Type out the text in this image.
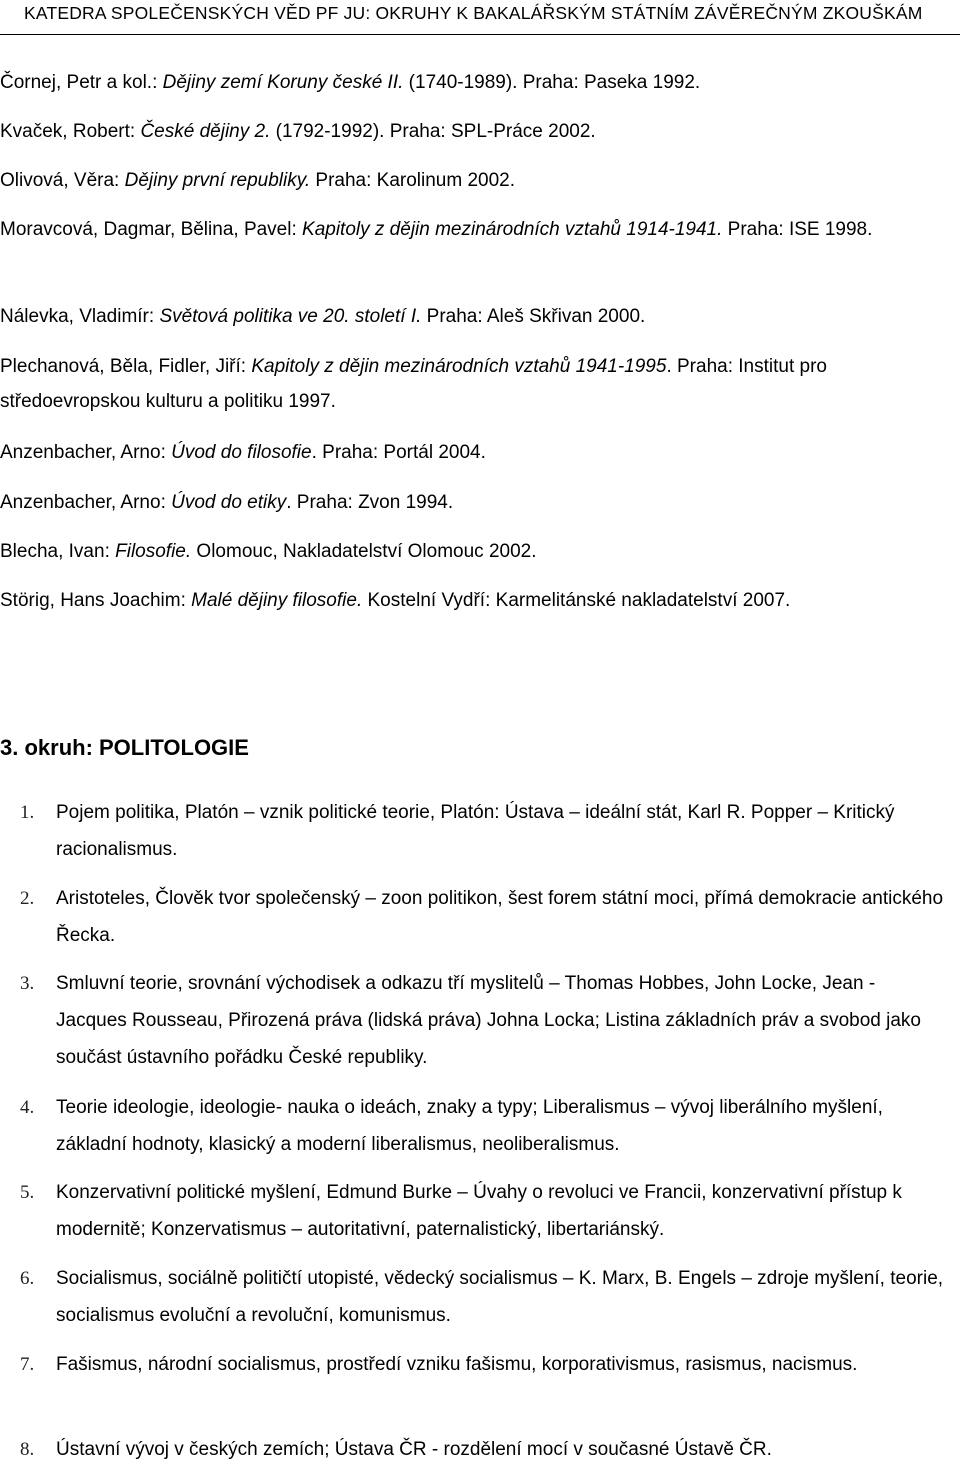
KATEDRA SPOLEČENSKÝCH VĚD PF JU: OKRUHY K BAKALÁŘSKÝM STÁTNÍM ZÁVĚREČNÝM ZKOUŠKÁM
Čornej, Petr a kol.: Dějiny zemí Koruny české II. (1740-1989). Praha: Paseka 1992.
Kvaček, Robert: České dějiny 2. (1792-1992). Praha: SPL-Práce 2002.
Olivová, Věra: Dějiny první republiky. Praha: Karolinum 2002.
Moravcová, Dagmar, Bělina, Pavel: Kapitoly z dějin mezinárodních vztahů 1914-1941. Praha: ISE 1998.
Nálevka, Vladimír: Světová politika ve 20. století I. Praha: Aleš Skřivan 2000.
Plechanová, Běla, Fidler, Jiří: Kapitoly z dějin mezinárodních vztahů 1941-1995. Praha: Institut pro středoevropskou kulturu a politiku 1997.
Anzenbacher, Arno: Úvod do filosofie. Praha: Portál 2004.
Anzenbacher, Arno: Úvod do etiky. Praha: Zvon 1994.
Blecha, Ivan: Filosofie. Olomouc, Nakladatelství Olomouc 2002.
Störig, Hans Joachim: Malé dějiny filosofie. Kostelní Vydří: Karmelitánské nakladatelství 2007.
3. okruh: POLITOLOGIE
1. Pojem politika, Platón – vznik politické teorie, Platón: Ústava – ideální stát, Karl R. Popper – Kritický racionalismus.
2. Aristoteles, Člověk tvor společenský – zoon politikon, šest forem státní moci, přímá demokracie antického Řecka.
3. Smluvní teorie, srovnání východisek a odkazu tří myslitelů – Thomas Hobbes, John Locke, Jean - Jacques Rousseau, Přirozená práva (lidská práva) Johna Locka; Listina základních práv a svobod jako součást ústavního pořádku České republiky.
4. Teorie ideologie, ideologie- nauka o ideách, znaky a typy; Liberalismus – vývoj liberálního myšlení, základní hodnoty, klasický a moderní liberalismus, neoliberalismus.
5. Konzervativní politické myšlení, Edmund Burke – Úvahy o revoluci ve Francii, konzervativní přístup k modernitě; Konzervatismus – autoritativní, paternalistický, libertariánský.
6. Socialismus, sociálně političtí utopisté, vědecký socialismus – K. Marx, B. Engels – zdroje myšlení, teorie, socialismus evoluční a revoluční, komunismus.
7. Fašismus, národní socialismus, prostředí vzniku fašismu, korporativismus, rasismus, nacismus.
8. Ústavní vývoj v českých zemích; Ústava ČR - rozdělení mocí v současné Ústavě ČR.
